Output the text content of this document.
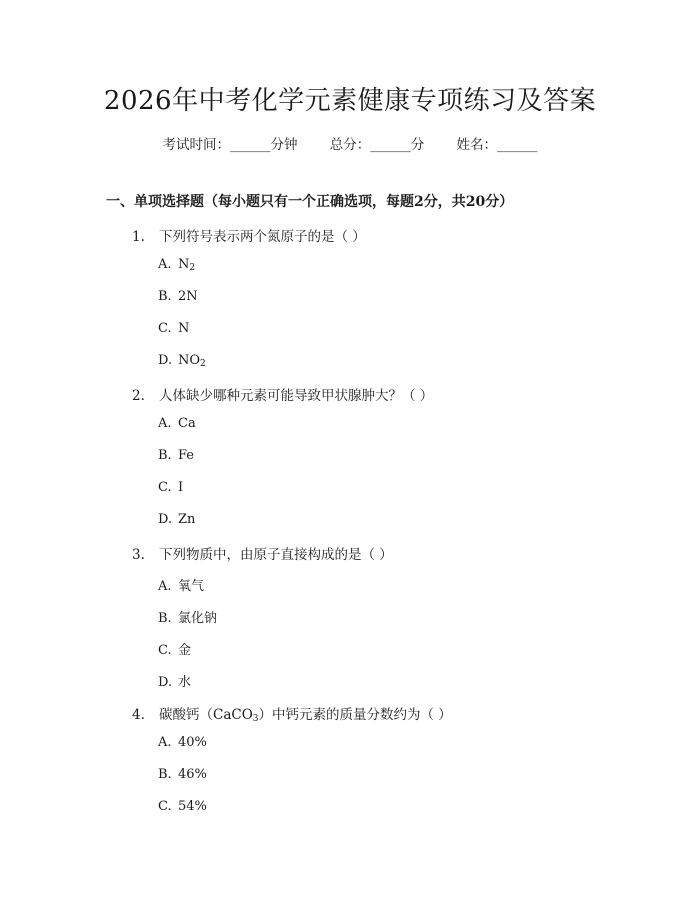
2026年中考化学元素健康专项练习及答案
考试时间：______分钟 总分：______分 姓名：______
一、单项选择题（每小题只有一个正确选项，每题2分，共20分）
1. 下列符号表示两个氮原子的是（ ）
A. $N_2$
B. 2N
C. N
D. $NO_2$
2. 人体缺少哪种元素可能导致甲状腺肿大？（ ）
A. Ca
B. Fe
C. I
D. Zn
3. 下列物质中，由原子直接构成的是（ ）
A. 氧气
B. 氯化钠
C. 金
D. 水
4. 碳酸钙（CaCO$_3$）中钙元素的质量分数约为（ ）
A. 40%
B. 46%
C. 54%
